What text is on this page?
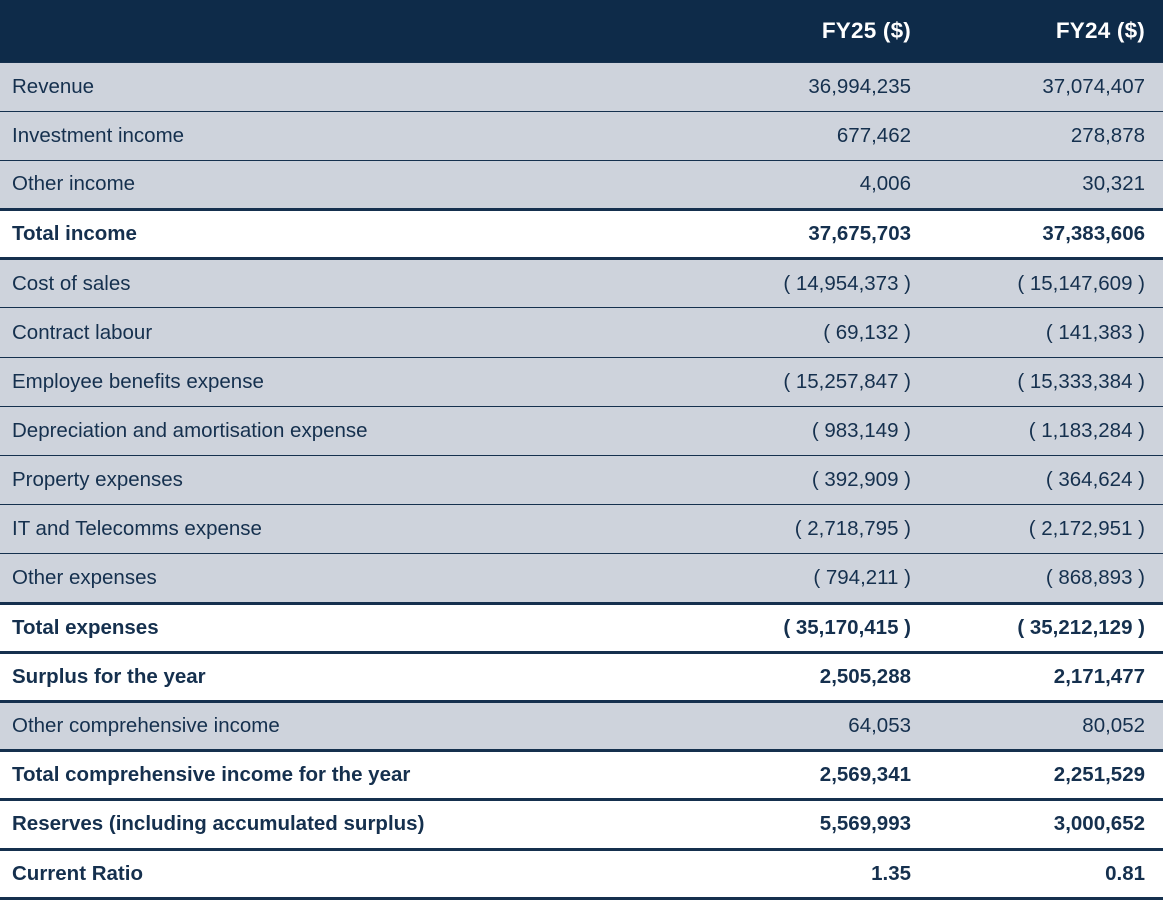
	FY25 ($)	FY24 ($)
Revenue	36,994,235	37,074,407
Investment income	677,462	278,878
Other income	4,006	30,321
Total income	37,675,703	37,383,606
Cost of sales	( 14,954,373 )	( 15,147,609 )
Contract labour	( 69,132 )	( 141,383 )
Employee benefits expense	( 15,257,847 )	( 15,333,384 )
Depreciation and amortisation expense	( 983,149 )	( 1,183,284 )
Property expenses	( 392,909 )	( 364,624 )
IT and Telecomms expense	( 2,718,795 )	( 2,172,951 )
Other expenses	( 794,211 )	( 868,893 )
Total expenses	( 35,170,415 )	( 35,212,129 )
Surplus for the year	2,505,288	2,171,477
Other comprehensive income	64,053	80,052
Total comprehensive income for the year	2,569,341	2,251,529
Reserves (including accumulated surplus)	5,569,993	3,000,652
Current Ratio	1.35	0.81
